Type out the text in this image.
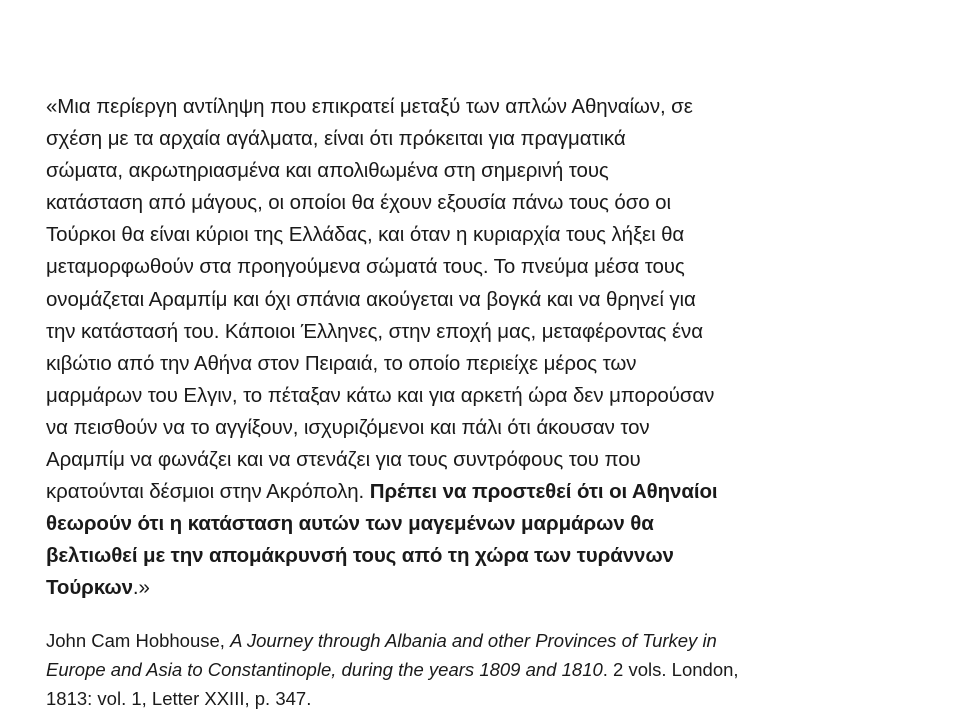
«Μια περίεργη αντίληψη που επικρατεί μεταξύ των απλών Αθηναίων, σε
σχέση με τα αρχαία αγάλματα, είναι ότι πρόκειται για πραγματικά
σώματα, ακρωτηριασμένα και απολιθωμένα στη σημερινή τους
κατάσταση από μάγους, οι οποίοι θα έχουν εξουσία πάνω τους όσο οι
Τούρκοι θα είναι κύριοι της Ελλάδας, και όταν η κυριαρχία τους λήξει θα
μεταμορφωθούν στα προηγούμενα σώματά τους. Το πνεύμα μέσα τους
ονομάζεται Αραμπίμ και όχι σπάνια ακούγεται να βογκά και να θρηνεί για
την κατάστασή του. Κάποιοι Έλληνες, στην εποχή μας, μεταφέροντας ένα
κιβώτιο από την Αθήνα στον Πειραιά, το οποίο περιείχε μέρος των
μαρμάρων του Ελγιν, το πέταξαν κάτω και για αρκετή ώρα δεν μπορούσαν
να πεισθούν να το αγγίξουν, ισχυριζόμενοι και πάλι ότι άκουσαν τον
Αραμπίμ να φωνάζει και να στενάζει για τους συντρόφους του που
κρατούνται δέσμιοι στην Ακρόπολη. Πρέπει να προστεθεί ότι οι Αθηναίοι
θεωρούν ότι η κατάσταση αυτών των μαγεμένων μαρμάρων θα
βελτιωθεί με την απομάκρυνσή τους από τη χώρα των τυράννων
Τούρκων.»

John Cam Hobhouse, A Journey through Albania and other Provinces of Turkey in
Europe and Asia to Constantinople, during the years 1809 and 1810. 2 vols. London,
1813: vol. 1, Letter XXIII, p. 347.
